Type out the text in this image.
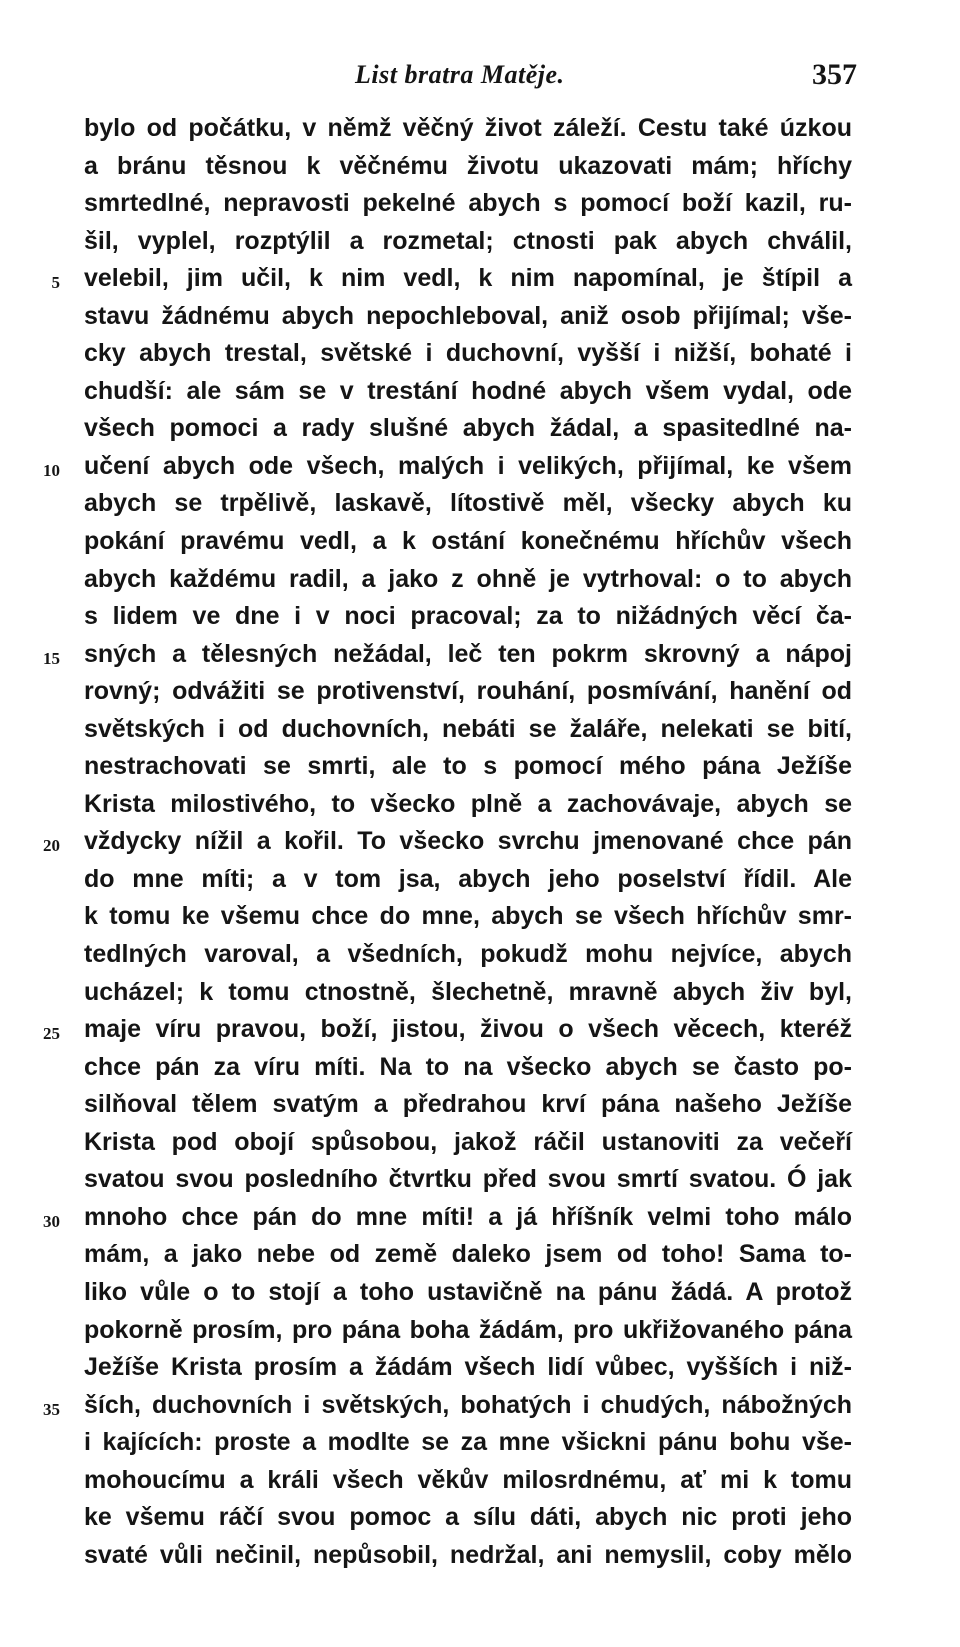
List bratra Matěje.	357
bylo od počátku, v němž věčný život záleží. Cestu také úzkou
a bránu těsnou k věčnému životu ukazovati mám; hříchy
smrtedlné, nepravosti pekelné abych s pomocí boží kazil, ru-
šil, vyplel, rozptýlil a rozmetal; ctnosti pak abych chválil,
5 velebil, jim učil, k nim vedl, k nim napomínal, je štípil a
stavu žádnému abych nepochleboval, aniž osob přijímal; vše-
cky abych trestal, světské i duchovní, vyšší i nižší, bohaté i
chudší: ale sám se v trestání hodné abych všem vydal, ode
všech pomoci a rady slušné abych žádal, a spasitedlné na-
10 učení abych ode všech, malých i velikých, přijímal, ke všem
abych se trpělivě, laskavě, lítostivě měl, všecky abych ku
pokání pravému vedl, a k ostání konečnému hříchův všech
abych každému radil, a jako z ohně je vytrhoval: o to abych
s lidem ve dne i v noci pracoval; za to nižádných věcí ča-
15 sných a tělesných nežádal, leč ten pokrm skrovný a nápoj
rovný; odvážiti se protivenství, rouhání, posmívání, hanění od
světských i od duchovních, nebáti se žaláře, nelekati se bití,
nestrachovati se smrti, ale to s pomocí mého pána Ježíše
Krista milostivého, to všecko plně a zachovávaje, abych se
20 vždycky nížil a kořil. To všecko svrchu jmenované chce pán
do mne míti; a v tom jsa, abych jeho poselství řídil. Ale
k tomu ke všemu chce do mne, abych se všech hříchův smr-
tedlných varoval, a všedních, pokudž mohu nejvíce, abych
ucházel; k tomu ctnostně, šlechetně, mravně abych živ byl,
25 maje víru pravou, boží, jistou, živou o všech věcech, kteréž
chce pán za víru míti. Na to na všecko abych se často po-
silňoval tělem svatým a předrahou krví pána našeho Ježíše
Krista pod obojí spůsobou, jakož ráčil ustanoviti za večeří
svatou svou posledního čtvrtku před svou smrtí svatou. Ó jak
30 mnoho chce pán do mne míti! a já hříšník velmi toho málo
mám, a jako nebe od země daleko jsem od toho! Sama to-
liko vůle o to stojí a toho ustavičně na pánu žádá. A protož
pokorně prosím, pro pána boha žádám, pro ukřižovaného pána
Ježíše Krista prosím a žádám všech lidí vůbec, vyšších i niž-
35 ších, duchovních i světských, bohatých i chudých, nábožných
i kajících: proste a modlte se za mne všickni pánu bohu vše-
mohoucímu a králi všech věkův milosrdnému, ať mi k tomu
ke všemu ráčí svou pomoc a sílu dáti, abych nic proti jeho
svaté vůli nečinil, nepůsobil, nedržal, ani nemyslil, coby mělo
